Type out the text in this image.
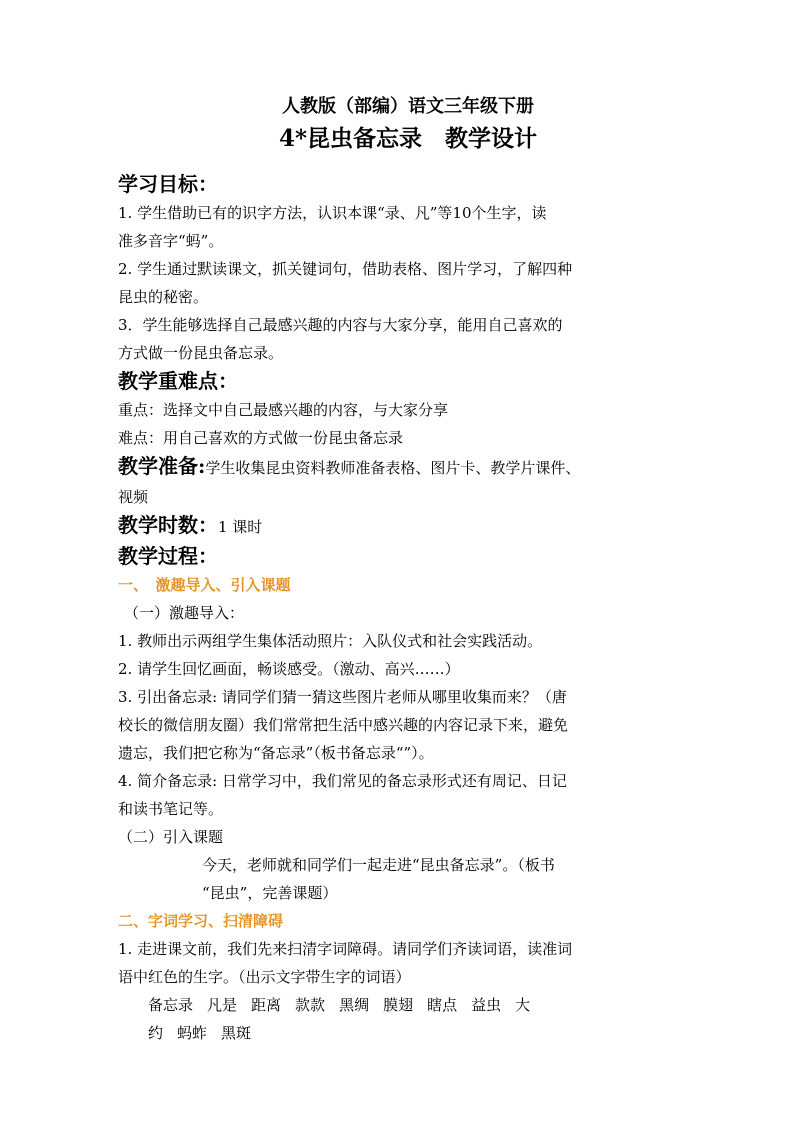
人教版（部编）语文三年级下册
4*昆虫备忘录　教学设计
学习目标：
1. 学生借助已有的识字方法，认识本课“录、凡”等10个生字，读
准多音字“蚂”。
2. 学生通过默读课文，抓关键词句，借助表格、图片学习，了解四种
昆虫的秘密。
3．学生能够选择自己最感兴趣的内容与大家分享，能用自己喜欢的
方式做一份昆虫备忘录。
教学重难点：
重点：选择文中自己最感兴趣的内容，与大家分享
难点：用自己喜欢的方式做一份昆虫备忘录
教学准备:学生收集昆虫资料教师准备表格、图片卡、教学片课件、
视频
教学时数：1 课时
教学过程：
一、　激趣导入、引入课题
（一）激趣导入：
1. 教师出示两组学生集体活动照片：入队仪式和社会实践活动。
2. 请学生回忆画面，畅谈感受。（激动、高兴……）
3. 引出备忘录: 请同学们猜一猜这些图片老师从哪里收集而来？（唐
校长的微信朋友圈）我们常常把生活中感兴趣的内容记录下来，避免
遗忘，我们把它称为“备忘录”（板书备忘录“”）。
4. 简介备忘录: 日常学习中，我们常见的备忘录形式还有周记、日记
和读书笔记等。
（二）引入课题
今天，老师就和同学们一起走进“昆虫备忘录”。（板书
“昆虫”，完善课题）
二、字词学习、扫清障碍
1. 走进课文前，我们先来扫清字词障碍。请同学们齐读词语，读准词
语中红色的生字。（出示文字带生字的词语）
备忘录 凡是 距离 款款 黑绸 膜翅 瞎点 益虫 大
约 蚂蚱 黑斑
